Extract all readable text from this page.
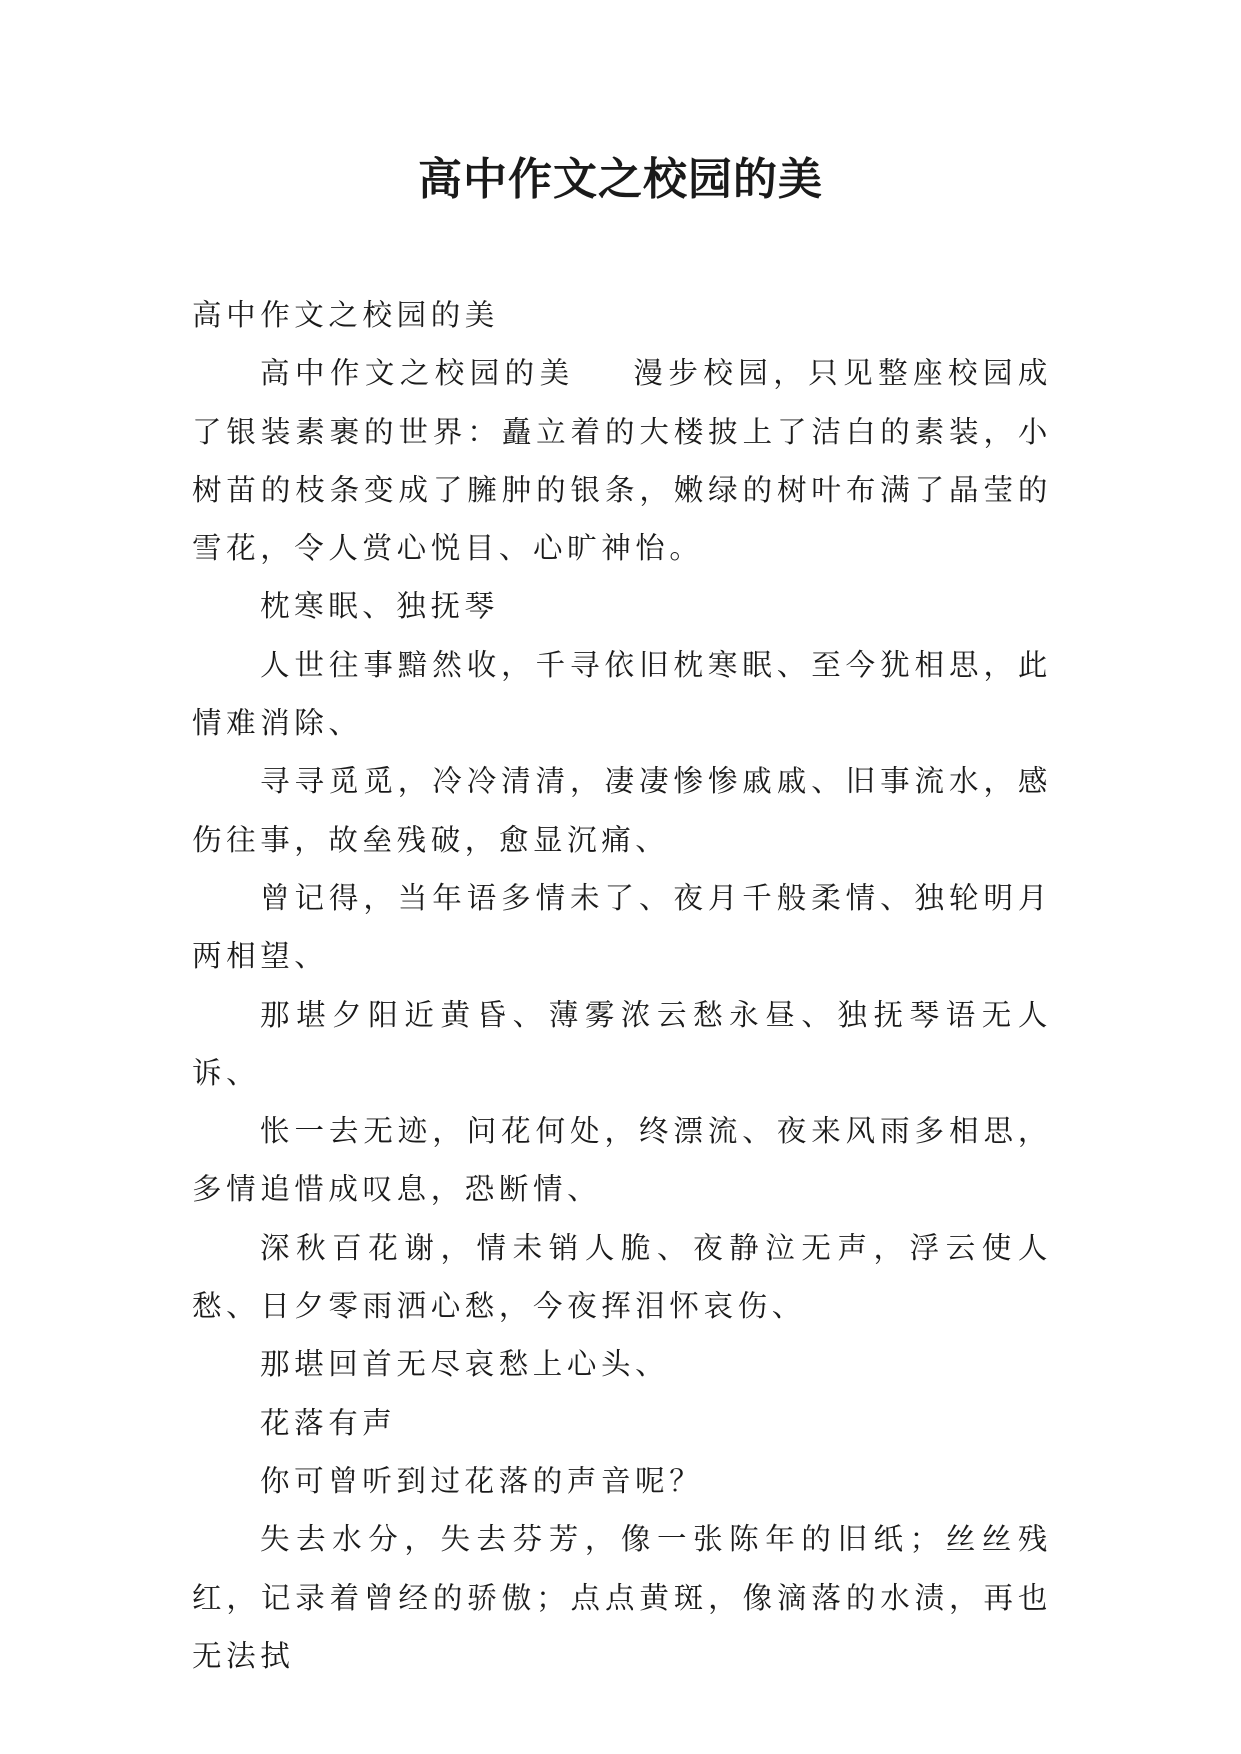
高中作文之校园的美

高中作文之校园的美

高中作文之校园的美 漫步校园，只见整座校园成了银装素裹的世界：矗立着的大楼披上了洁白的素装，小树苗的枝条变成了臃肿的银条，嫩绿的树叶布满了晶莹的雪花，令人赏心悦目、心旷神怡。

枕寒眠、独抚琴

人世往事黯然收，千寻依旧枕寒眠、至今犹相思，此情难消除、

寻寻觅觅，冷冷清清，凄凄惨惨戚戚、旧事流水，感伤往事，故垒残破，愈显沉痛、

曾记得，当年语多情未了、夜月千般柔情、独轮明月两相望、

那堪夕阳近黄昏、薄雾浓云愁永昼、独抚琴语无人诉、

怅一去无迹，问花何处，终漂流、夜来风雨多相思，多情追惜成叹息，恐断情、

深秋百花谢，情未销人脆、夜静泣无声，浮云使人愁、日夕零雨洒心愁，今夜挥泪怀哀伤、

那堪回首无尽哀愁上心头、

花落有声

你可曾听到过花落的声音呢？

失去水分，失去芬芳，像一张陈年的旧纸；丝丝残红，记录着曾经的骄傲；点点黄斑，像滴落的水渍，再也无法拭
